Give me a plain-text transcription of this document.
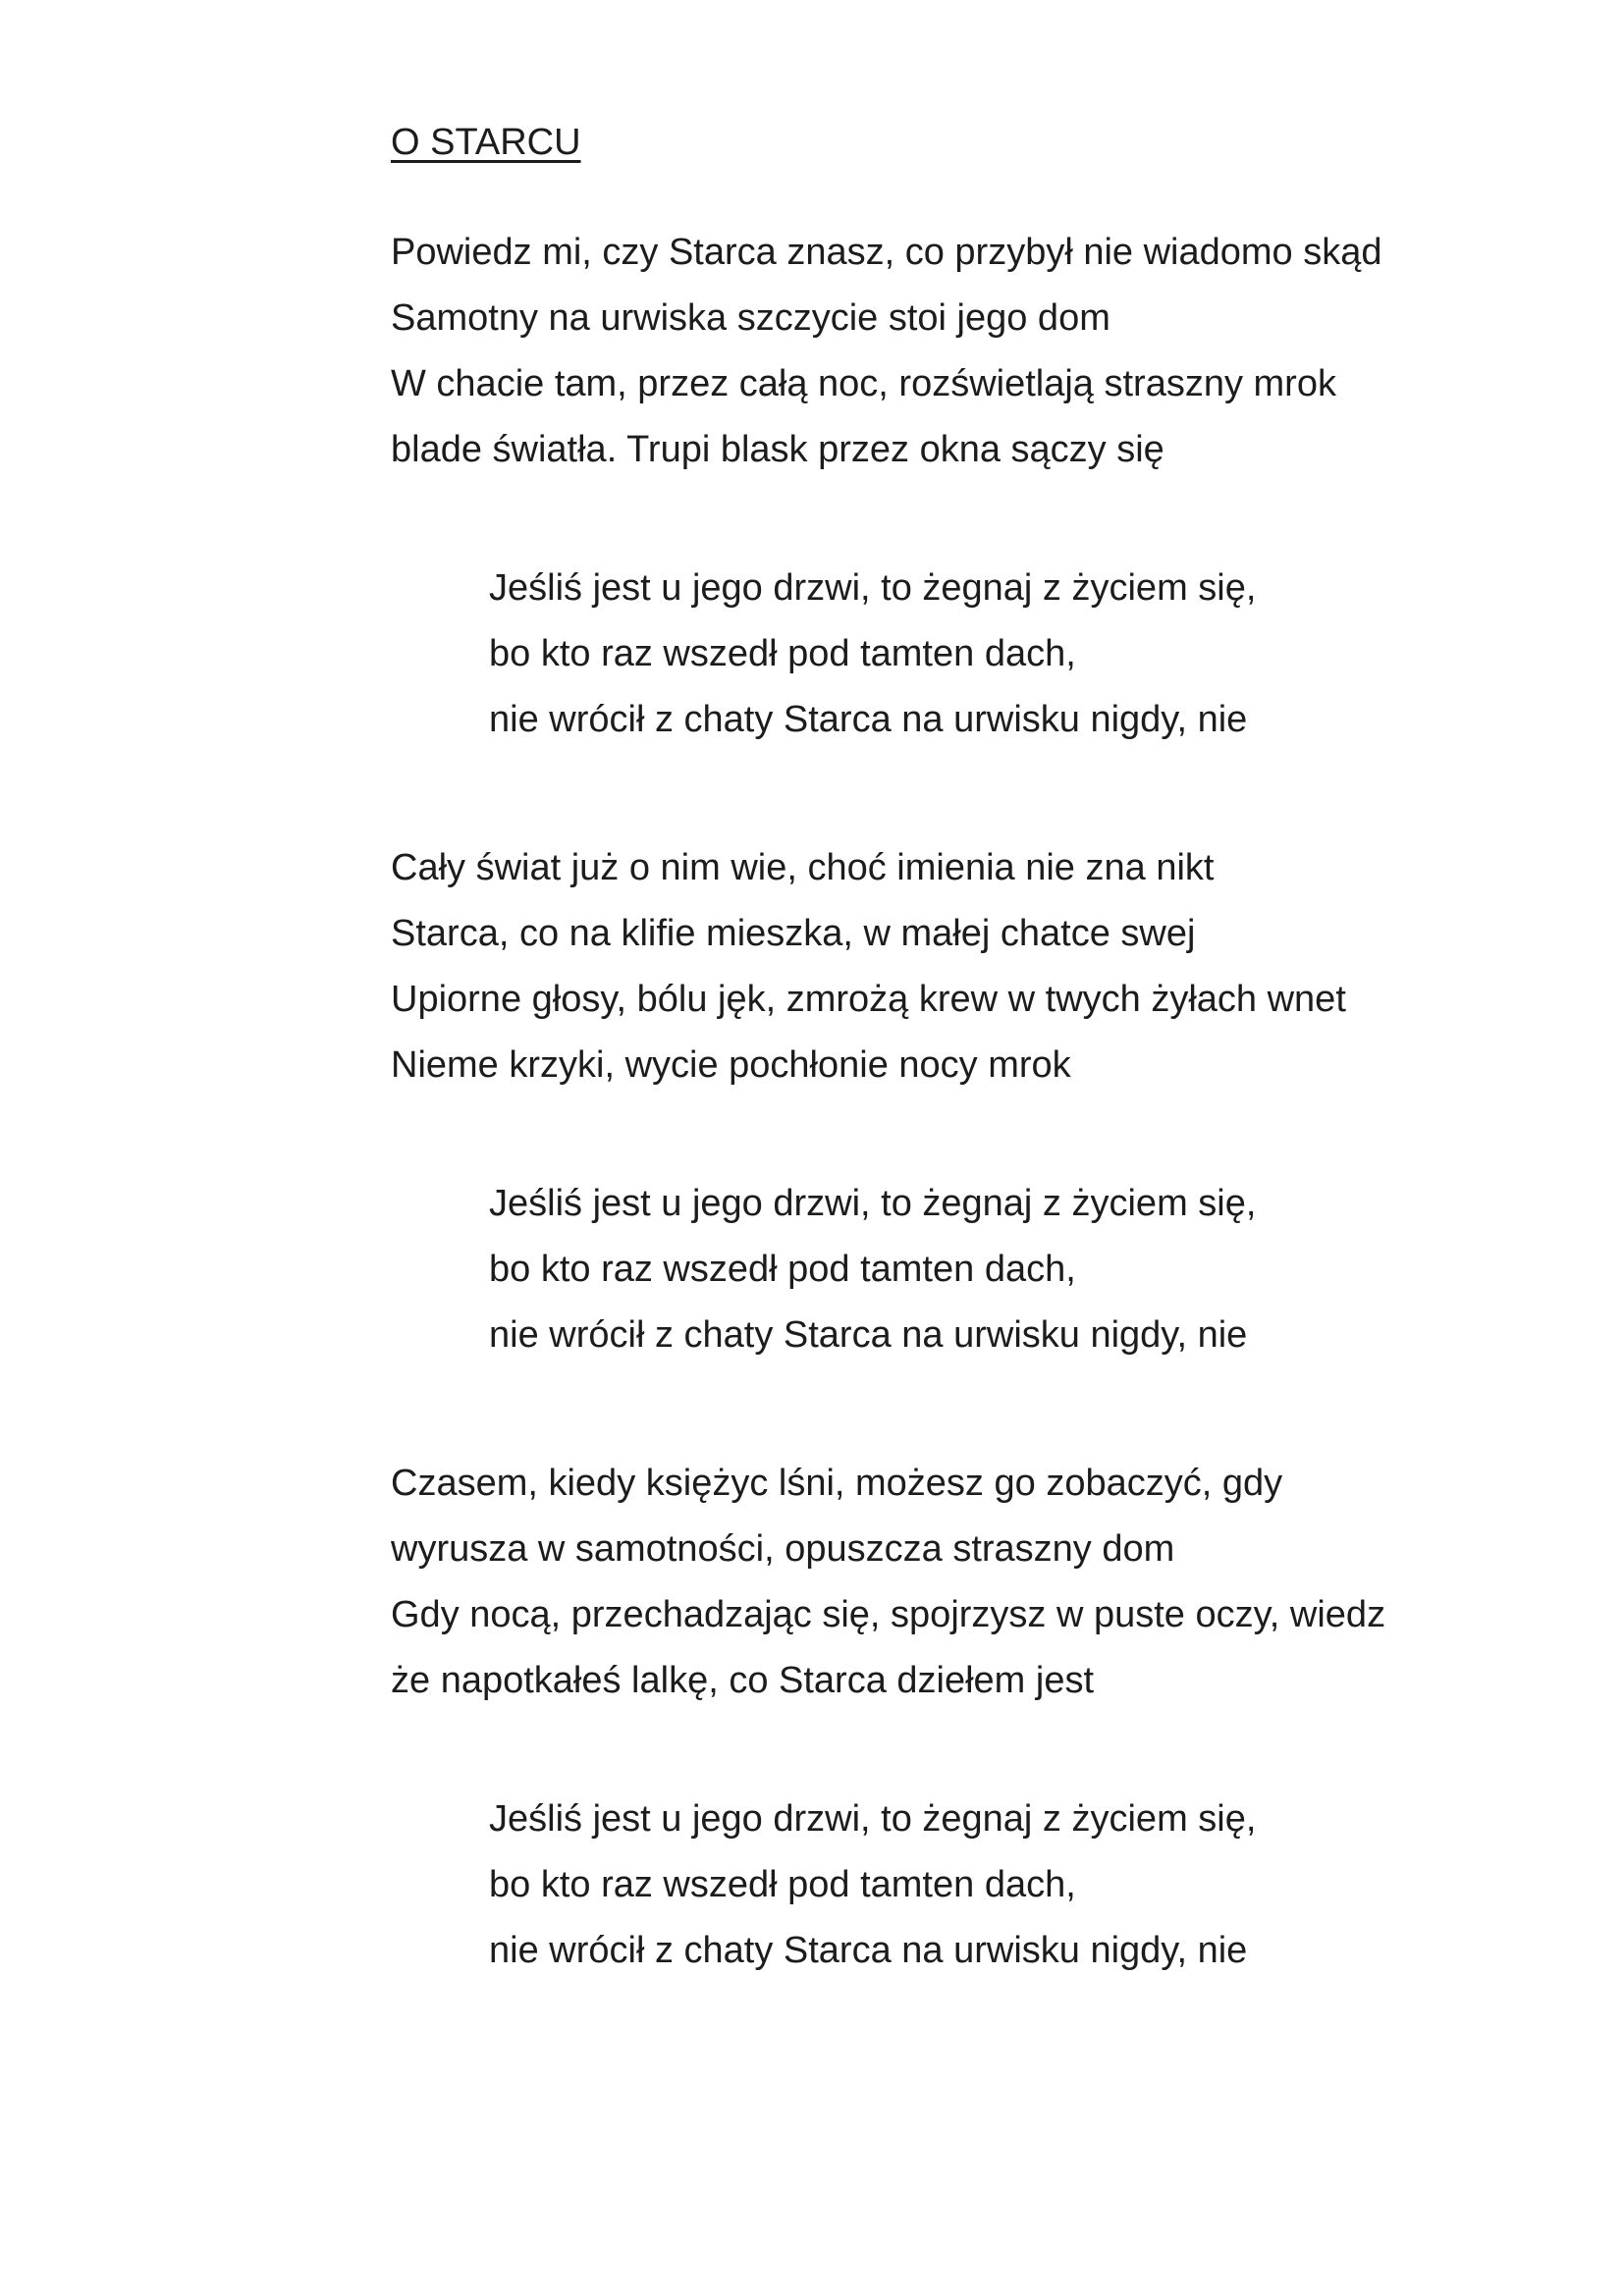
O STARCU

Powiedz mi, czy Starca znasz, co przybył nie wiadomo skąd

Samotny na urwiska szczycie stoi jego dom

W chacie tam, przez całą noc, rozświetlają straszny mrok

blade światła. Trupi blask przez okna sączy się

Jeśliś jest u jego drzwi, to żegnaj z życiem się,

bo kto raz wszedł pod tamten dach,

nie wrócił z chaty Starca na urwisku nigdy, nie

Cały świat już o nim wie, choć imienia nie zna nikt

Starca, co na klifie mieszka, w małej chatce swej

Upiorne głosy, bólu jęk, zmrożą krew w twych żyłach wnet

Nieme krzyki, wycie pochłonie nocy mrok

Jeśliś jest u jego drzwi, to żegnaj z życiem się,

bo kto raz wszedł pod tamten dach,

nie wrócił z chaty Starca na urwisku nigdy, nie

Czasem, kiedy księżyc lśni, możesz go zobaczyć, gdy

wyrusza w samotności, opuszcza straszny dom

Gdy nocą, przechadzając się, spojrzysz w puste oczy, wiedz

że napotkałeś lalkę, co Starca dziełem jest

Jeśliś jest u jego drzwi, to żegnaj z życiem się,

bo kto raz wszedł pod tamten dach,

nie wrócił z chaty Starca na urwisku nigdy, nie
